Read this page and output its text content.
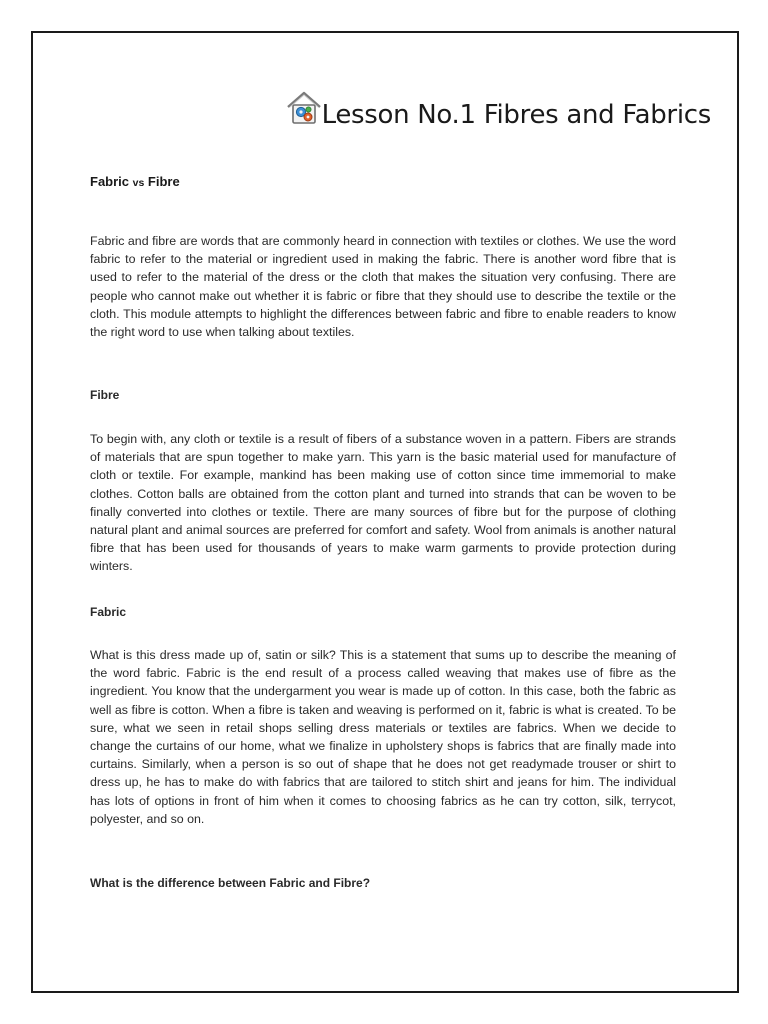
Lesson No.1 Fibres and Fabrics
Fabric vs Fibre

Fabric and fibre are words that are commonly heard in connection with textiles or clothes. We use the word fabric to refer to the material or ingredient used in making the fabric. There is another word fibre that is used to refer to the material of the dress or the cloth that makes the situation very confusing. There are people who cannot make out whether it is fabric or fibre that they should use to describe the textile or the cloth. This module attempts to highlight the differences between fabric and fibre to enable readers to know the right word to use when talking about textiles.

Fibre

To begin with, any cloth or textile is a result of fibers of a substance woven in a pattern. Fibers are strands of materials that are spun together to make yarn. This yarn is the basic material used for manufacture of cloth or textile. For example, mankind has been making use of cotton since time immemorial to make clothes. Cotton balls are obtained from the cotton plant and turned into strands that can be woven to be finally converted into clothes or textile. There are many sources of fibre but for the purpose of clothing natural plant and animal sources are preferred for comfort and safety. Wool from animals is another natural fibre that has been used for thousands of years to make warm garments to provide protection during winters.

Fabric

What is this dress made up of, satin or silk? This is a statement that sums up to describe the meaning of the word fabric. Fabric is the end result of a process called weaving that makes use of fibre as the ingredient. You know that the undergarment you wear is made up of cotton. In this case, both the fabric as well as fibre is cotton. When a fibre is taken and weaving is performed on it, fabric is what is created. To be sure, what we seen in retail shops selling dress materials or textiles are fabrics. When we decide to change the curtains of our home, what we finalize in upholstery shops is fabrics that are finally made into curtains. Similarly, when a person is so out of shape that he does not get readymade trouser or shirt to dress up, he has to make do with fabrics that are tailored to stitch shirt and jeans for him. The individual has lots of options in front of him when it comes to choosing fabrics as he can try cotton, silk, terrycot, polyester, and so on.

What is the difference between Fabric and Fibre?
